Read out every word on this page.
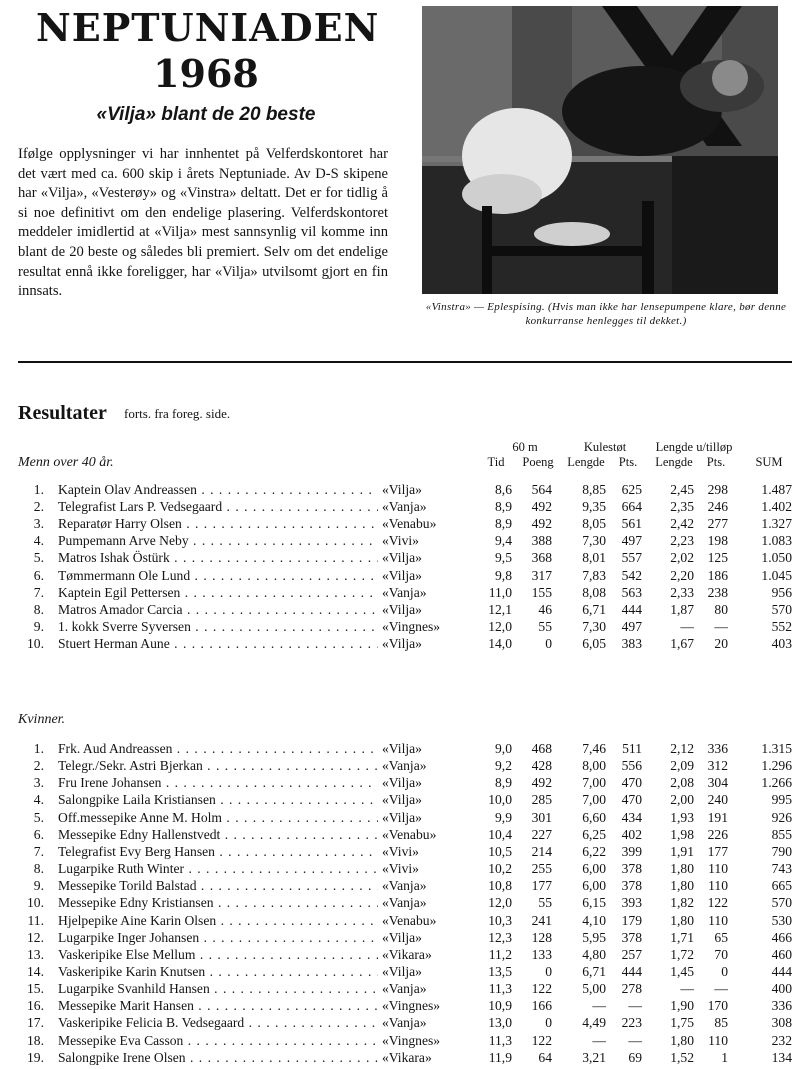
NEPTUNIADEN
1968
«Vilja» blant de 20 beste
Ifølge opplysninger vi har innhentet på Velferdskontoret har det vært med ca. 600 skip i årets Neptuniade. Av D-S skipene har «Vilja», «Vesterøy» og «Vinstra» deltatt. Det er for tidlig å si noe definitivt om den endelige plasering. Velferdskontoret meddeler imidlertid at «Vilja» mest sannsynlig vil komme inn blant de 20 beste og således bli premiert. Selv om det endelige resultat ennå ikke foreligger, har «Vilja» utvilsomt gjort en fin innsats.
«Vinstra» — Eplespising. (Hvis man ikke har lensepumpene klare, bør denne konkurranse henlegges til dekket.)
Resultater forts. fra foreg. side.
60 m	Kulestøt	Lengde u/tilløp
Tid	Poeng	Lengde	Pts.	Lengde	Pts.	SUM
Menn over 40 år.
1. Kaptein Olav Andreassen . . .	«Vilja»	8,6	564	8,85	625	2,45	298	1.487
2. Telegrafist Lars P. Vedsegaard . . .	«Vanja»	8,9	492	9,35	664	2,35	246	1.402
3. Reparatør Harry Olsen . . .	«Venabu»	8,9	492	8,05	561	2,42	277	1.327
4. Pumpemann Arve Neby . . .	«Vivi»	9,4	388	7,30	497	2,23	198	1.083
5. Matros Ishak Östürk . . .	«Vilja»	9,5	368	8,01	557	2,02	125	1.050
6. Tømmermann Ole Lund . . .	«Vilja»	9,8	317	7,83	542	2,20	186	1.045
7. Kaptein Egil Pettersen . . .	«Vanja»	11,0	155	8,08	563	2,33	238	956
8. Matros Amador Carcia . . .	«Vilja»	12,1	46	6,71	444	1,87	80	570
9. 1. kokk Sverre Syversen . . .	«Vingnes»	12,0	55	7,30	497	—	—	552
10. Stuert Herman Aune . . .	«Vilja»	14,0	0	6,05	383	1,67	20	403
Kvinner.
1. Frk. Aud Andreassen . . .	«Vilja»	9,0	468	7,46	511	2,12	336	1.315
2. Telegr./Sekr. Astri Bjerkan . . .	«Vanja»	9,2	428	8,00	556	2,09	312	1.296
3. Fru Irene Johansen . . .	«Vilja»	8,9	492	7,00	470	2,08	304	1.266
4. Salongpike Laila Kristiansen . . .	«Vilja»	10,0	285	7,00	470	2,00	240	995
5. Off.messepike Anne M. Holm . . .	«Vilja»	9,9	301	6,60	434	1,93	191	926
6. Messepike Edny Hallenstvedt . . .	«Venabu»	10,4	227	6,25	402	1,98	226	855
7. Telegrafist Evy Berg Hansen . . .	«Vivi»	10,5	214	6,22	399	1,91	177	790
8. Lugarpike Ruth Winter . . .	«Vivi»	10,2	255	6,00	378	1,80	110	743
9. Messepike Torild Balstad . . .	«Vanja»	10,8	177	6,00	378	1,80	110	665
10. Messepike Edny Kristiansen . . .	«Vanja»	12,0	55	6,15	393	1,82	122	570
11. Hjelpepike Aine Karin Olsen . . .	«Venabu»	10,3	241	4,10	179	1,80	110	530
12. Lugarpike Inger Johansen . . .	«Vilja»	12,3	128	5,95	378	1,71	65	466
13. Vaskeripike Else Mellum . . .	«Vikara»	11,2	133	4,80	257	1,72	70	460
14. Vaskeripike Karin Knutsen . . .	«Vilja»	13,5	0	6,71	444	1,45	0	444
15. Lugarpike Svanhild Hansen . . .	«Vanja»	11,3	122	5,00	278	—	—	400
16. Messepike Marit Hansen . . .	«Vingnes»	10,9	166	—	—	1,90	170	336
17. Vaskeripike Felicia B. Vedsegaard . . .	«Vanja»	13,0	0	4,49	223	1,75	85	308
18. Messepike Eva Casson . . .	«Vingnes»	11,3	122	—	—	1,80	110	232
19. Salongpike Irene Olsen . . .	«Vikara»	11,9	64	3,21	69	1,52	1	134
